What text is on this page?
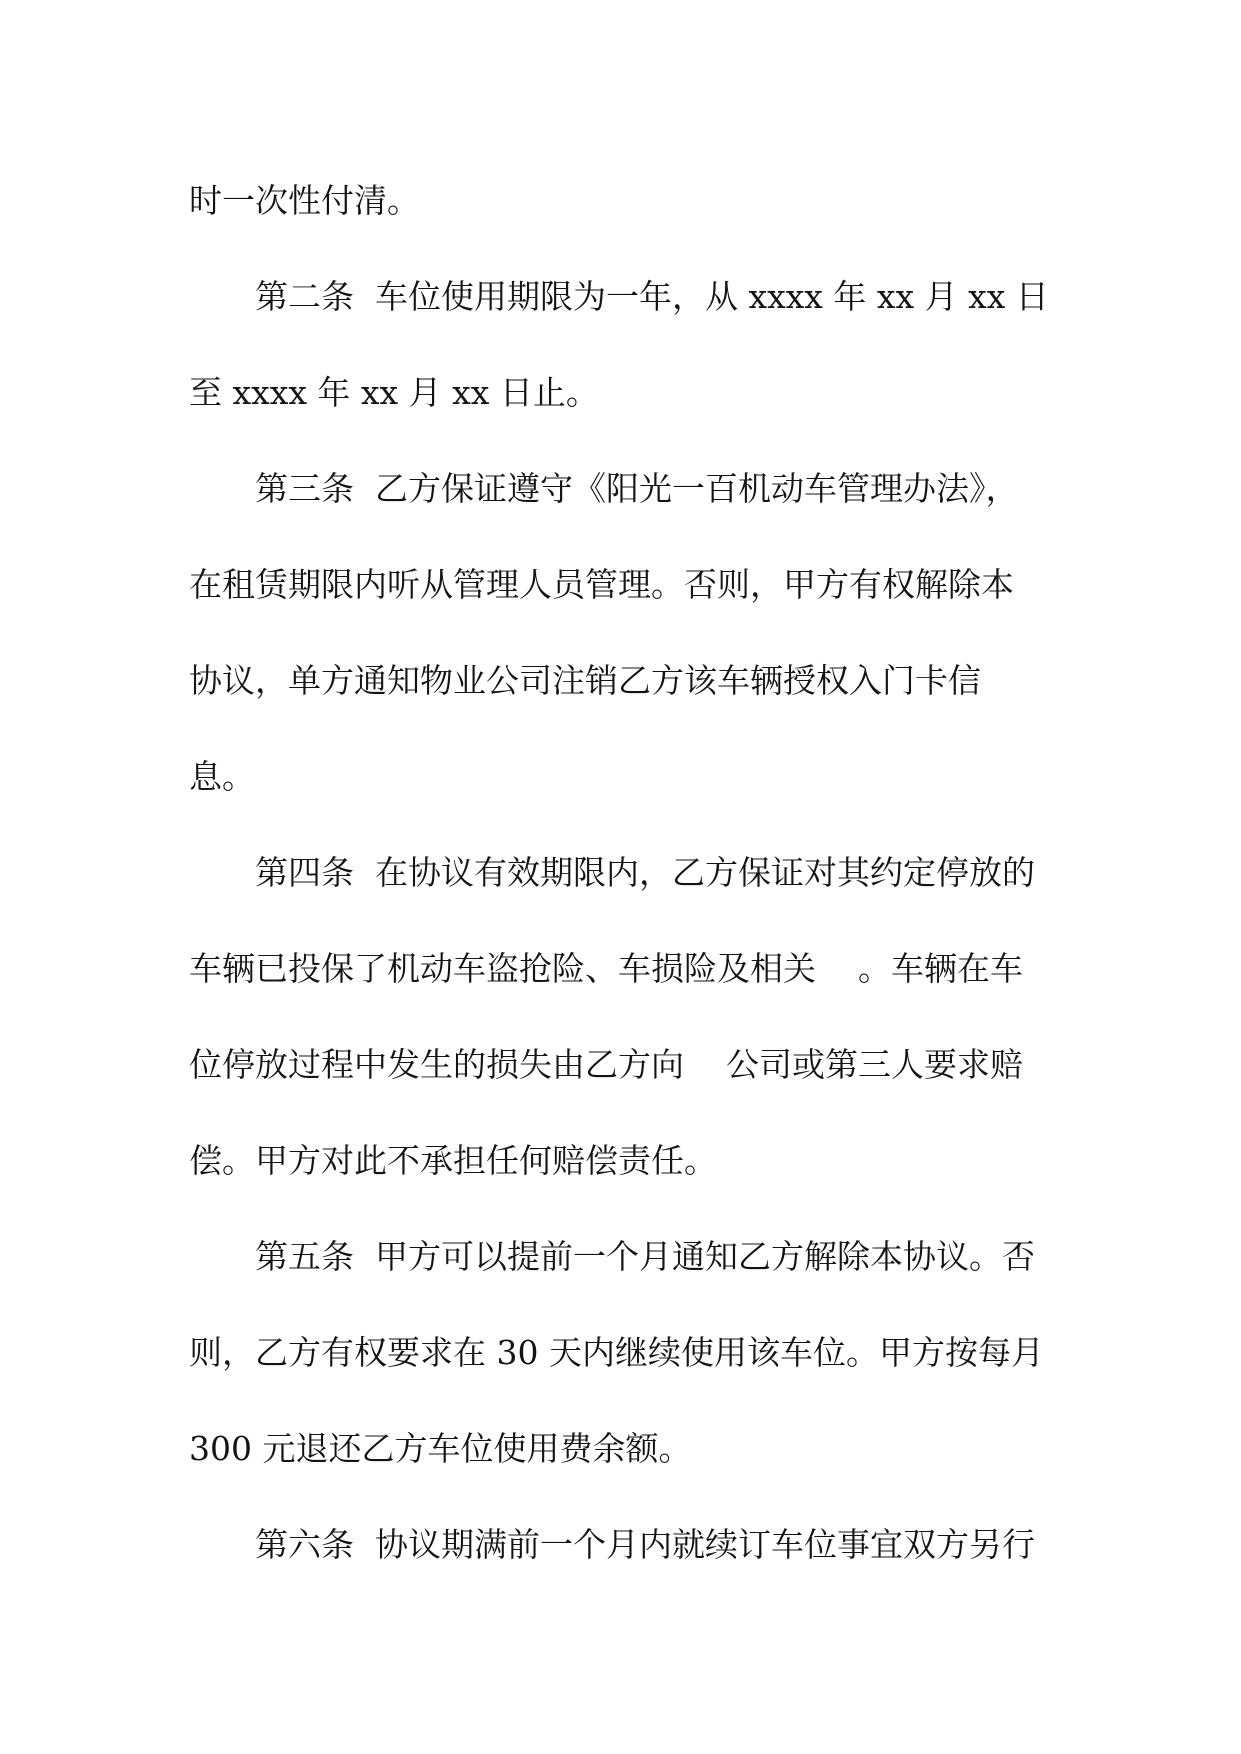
时一次性付清。
第二条  车位使用期限为一年，从 xxxx 年 xx 月 xx 日
至 xxxx 年 xx 月 xx 日止。
第三条  乙方保证遵守《阳光一百机动车管理办法》，
在租赁期限内听从管理人员管理。否则，甲方有权解除本
协议，单方通知物业公司注销乙方该车辆授权入门卡信
息。
第四条  在协议有效期限内，乙方保证对其约定停放的
车辆已投保了机动车盗抢险、车损险及相关    。车辆在车
位停放过程中发生的损失由乙方向    公司或第三人要求赔
偿。甲方对此不承担任何赔偿责任。
第五条  甲方可以提前一个月通知乙方解除本协议。否
则，乙方有权要求在 30 天内继续使用该车位。甲方按每月
300 元退还乙方车位使用费余额。
第六条  协议期满前一个月内就续订车位事宜双方另行
